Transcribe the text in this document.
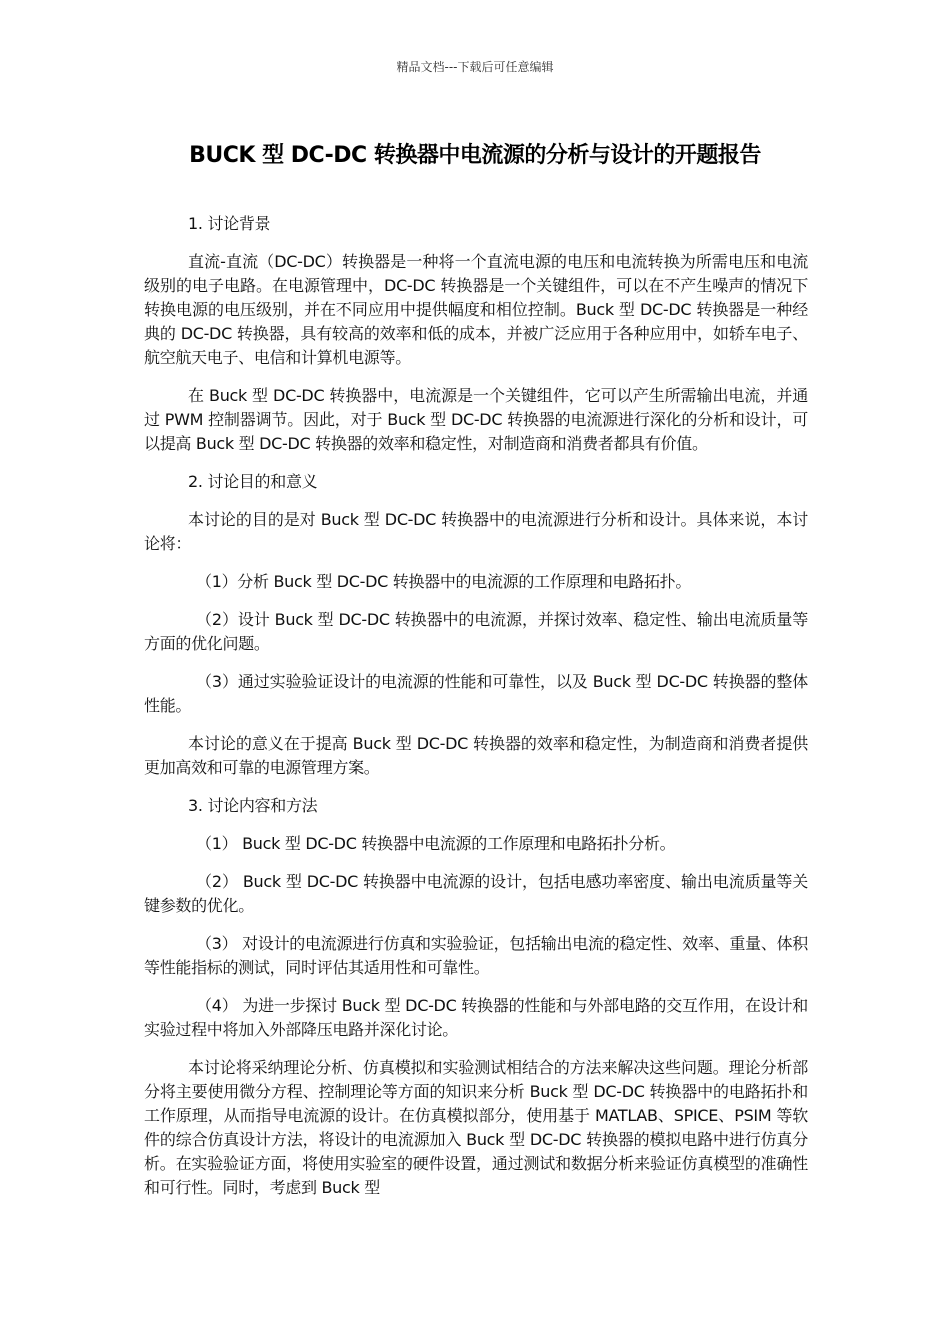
精品文档---下载后可任意编辑
BUCK 型 DC-DC 转换器中电流源的分析与设计的开题报告

1. 讨论背景

直流-直流（DC-DC）转换器是一种将一个直流电源的电压和电流转换为所需电压和电流级别的电子电路。在电源管理中，DC-DC 转换器是一个关键组件，可以在不产生噪声的情况下转换电源的电压级别，并在不同应用中提供幅度和相位控制。Buck 型 DC-DC 转换器是一种经典的 DC-DC 转换器，具有较高的效率和低的成本，并被广泛应用于各种应用中，如轿车电子、航空航天电子、电信和计算机电源等。

在 Buck 型 DC-DC 转换器中，电流源是一个关键组件，它可以产生所需输出电流，并通过 PWM 控制器调节。因此，对于 Buck 型 DC-DC 转换器的电流源进行深化的分析和设计，可以提高 Buck 型 DC-DC 转换器的效率和稳定性，对制造商和消费者都具有价值。

2. 讨论目的和意义

本讨论的目的是对 Buck 型 DC-DC 转换器中的电流源进行分析和设计。具体来说，本讨论将：

（1）分析 Buck 型 DC-DC 转换器中的电流源的工作原理和电路拓扑。

（2）设计 Buck 型 DC-DC 转换器中的电流源，并探讨效率、稳定性、输出电流质量等方面的优化问题。

（3）通过实验验证设计的电流源的性能和可靠性，以及 Buck 型 DC-DC 转换器的整体性能。

本讨论的意义在于提高 Buck 型 DC-DC 转换器的效率和稳定性，为制造商和消费者提供更加高效和可靠的电源管理方案。

3. 讨论内容和方法

（1） Buck 型 DC-DC 转换器中电流源的工作原理和电路拓扑分析。

（2） Buck 型 DC-DC 转换器中电流源的设计，包括电感功率密度、输出电流质量等关键参数的优化。

（3） 对设计的电流源进行仿真和实验验证，包括输出电流的稳定性、效率、重量、体积等性能指标的测试，同时评估其适用性和可靠性。

（4） 为进一步探讨 Buck 型 DC-DC 转换器的性能和与外部电路的交互作用，在设计和实验过程中将加入外部降压电路并深化讨论。

本讨论将采纳理论分析、仿真模拟和实验测试相结合的方法来解决这些问题。理论分析部分将主要使用微分方程、控制理论等方面的知识来分析 Buck 型 DC-DC 转换器中的电路拓扑和工作原理，从而指导电流源的设计。在仿真模拟部分，使用基于 MATLAB、SPICE、PSIM 等软件的综合仿真设计方法，将设计的电流源加入 Buck 型 DC-DC 转换器的模拟电路中进行仿真分析。在实验验证方面，将使用实验室的硬件设置，通过测试和数据分析来验证仿真模型的准确性和可行性。同时，考虑到 Buck 型
